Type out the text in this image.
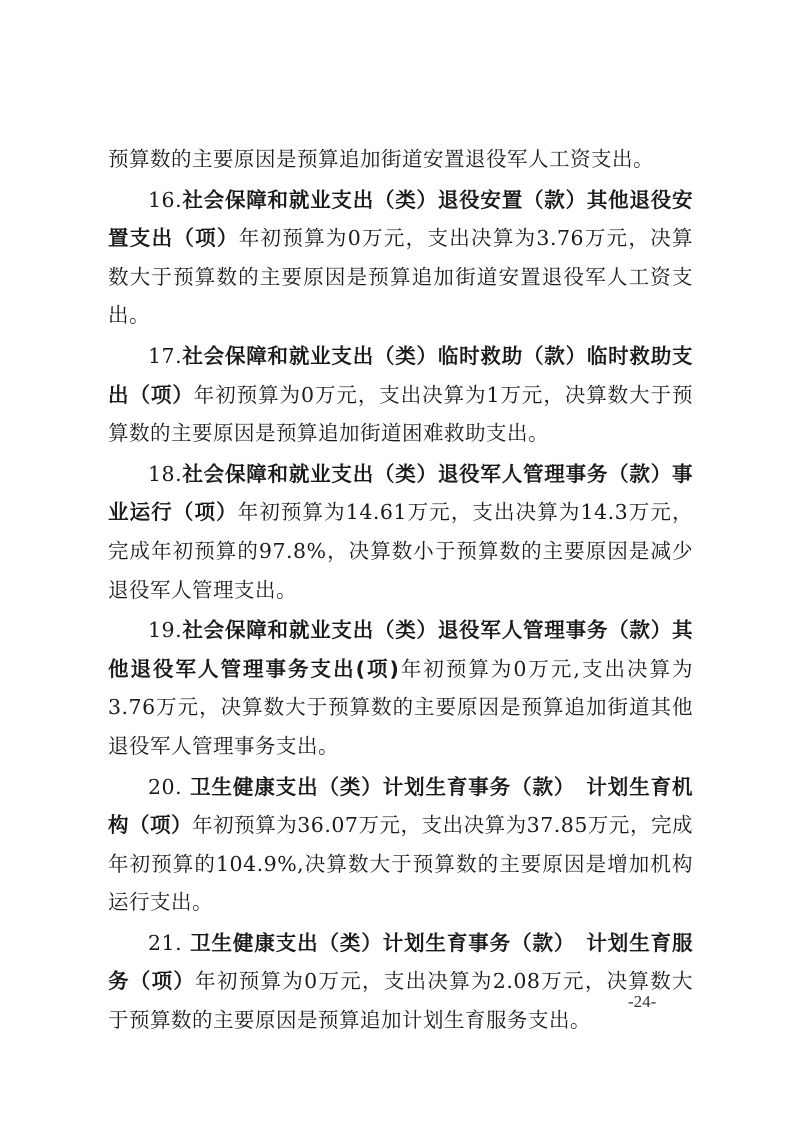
预算数的主要原因是预算追加街道安置退役军人工资支出。

16.社会保障和就业支出（类）退役安置（款）其他退役安置支出（项）年初预算为0万元，支出决算为3.76万元，决算数大于预算数的主要原因是预算追加街道安置退役军人工资支出。

17.社会保障和就业支出（类）临时救助（款）临时救助支出（项）年初预算为0万元，支出决算为1万元，决算数大于预算数的主要原因是预算追加街道困难救助支出。

18.社会保障和就业支出（类）退役军人管理事务（款）事业运行（项）年初预算为14.61万元，支出决算为14.3万元，完成年初预算的97.8%，决算数小于预算数的主要原因是减少退役军人管理支出。

19.社会保障和就业支出（类）退役军人管理事务（款）其他退役军人管理事务支出(项)年初预算为0万元,支出决算为3.76万元，决算数大于预算数的主要原因是预算追加街道其他退役军人管理事务支出。

20. 卫生健康支出（类）计划生育事务（款）　计划生育机构（项）年初预算为36.07万元，支出决算为37.85万元，完成年初预算的104.9%,决算数大于预算数的主要原因是增加机构运行支出。

21. 卫生健康支出（类）计划生育事务（款）　计划生育服务（项）年初预算为0万元，支出决算为2.08万元，决算数大于预算数的主要原因是预算追加计划生育服务支出。

-24-
